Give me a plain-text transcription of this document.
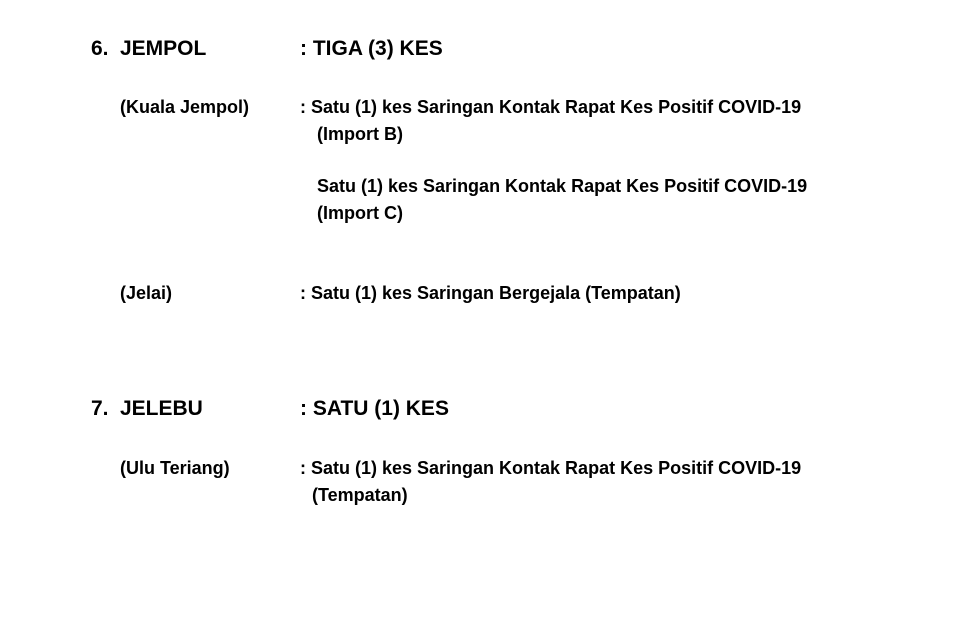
6. JEMPOL	: TIGA (3) KES
(Kuala Jempol)	: Satu (1) kes Saringan Kontak Rapat Kes Positif COVID-19
(Import B)
Satu (1) kes Saringan Kontak Rapat Kes Positif COVID-19
(Import C)
(Jelai)	: Satu (1) kes Saringan Bergejala (Tempatan)
7. JELEBU	: SATU (1) KES
(Ulu Teriang)	: Satu (1) kes Saringan Kontak Rapat Kes Positif COVID-19
(Tempatan)
